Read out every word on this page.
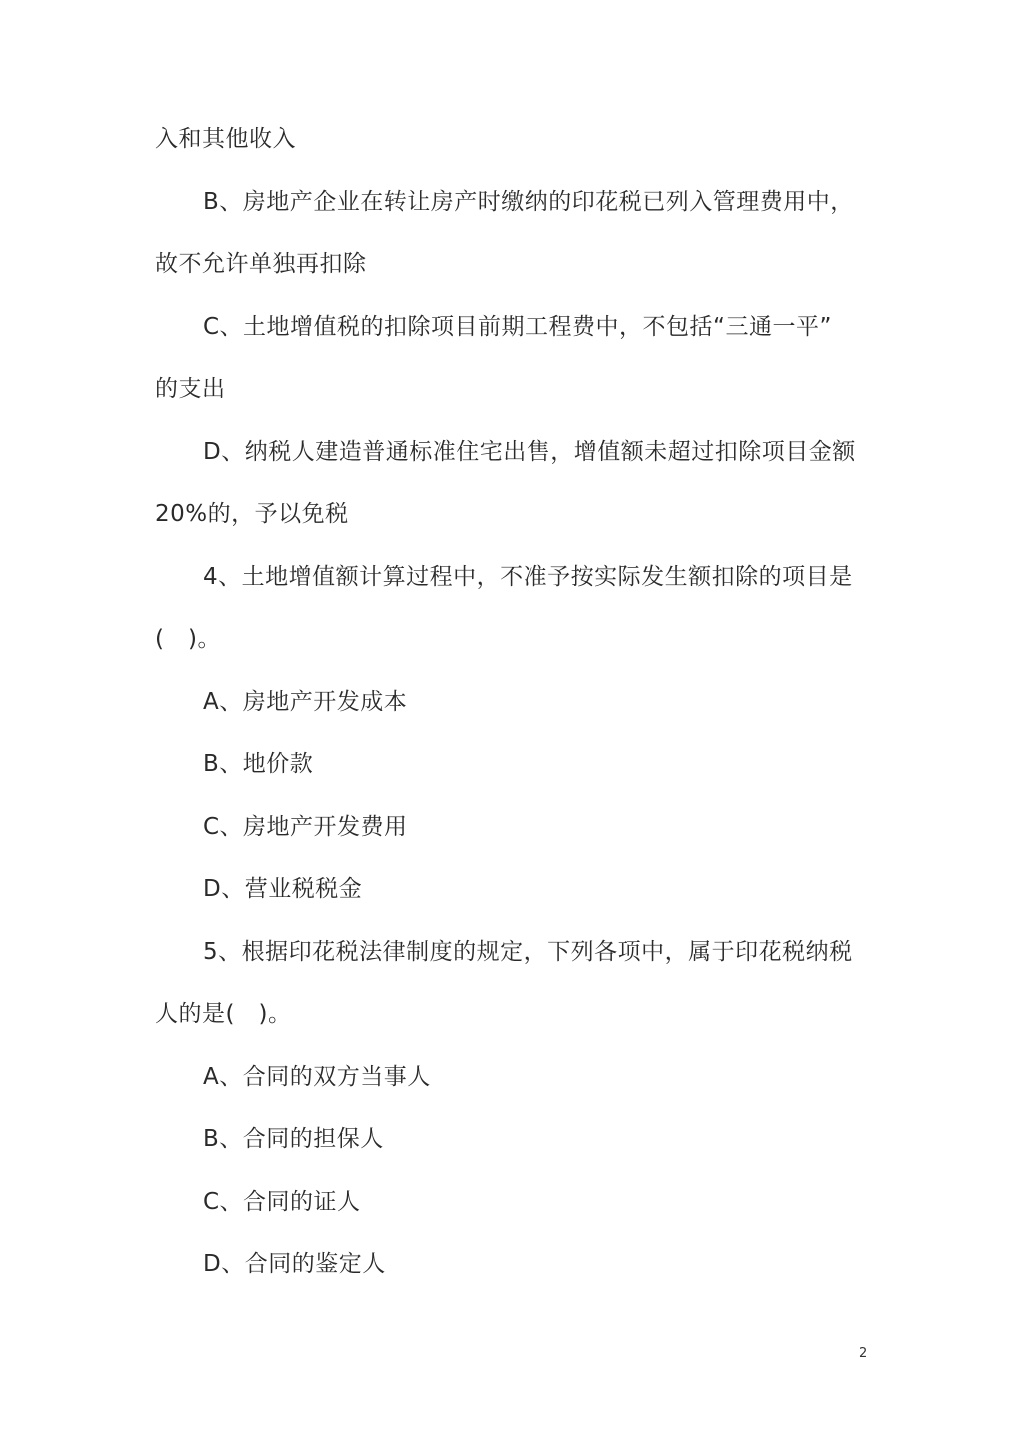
入和其他收入
B、房地产企业在转让房产时缴纳的印花税已列入管理费用中，
故不允许单独再扣除
C、土地增值税的扣除项目前期工程费中，不包括“三通一平”
的支出
D、纳税人建造普通标准住宅出售，增值额未超过扣除项目金额
20%的，予以免税
4、土地增值额计算过程中，不准予按实际发生额扣除的项目是
(　)。
A、房地产开发成本
B、地价款
C、房地产开发费用
D、营业税税金
5、根据印花税法律制度的规定，下列各项中，属于印花税纳税
人的是(　)。
A、合同的双方当事人
B、合同的担保人
C、合同的证人
D、合同的鉴定人
2
